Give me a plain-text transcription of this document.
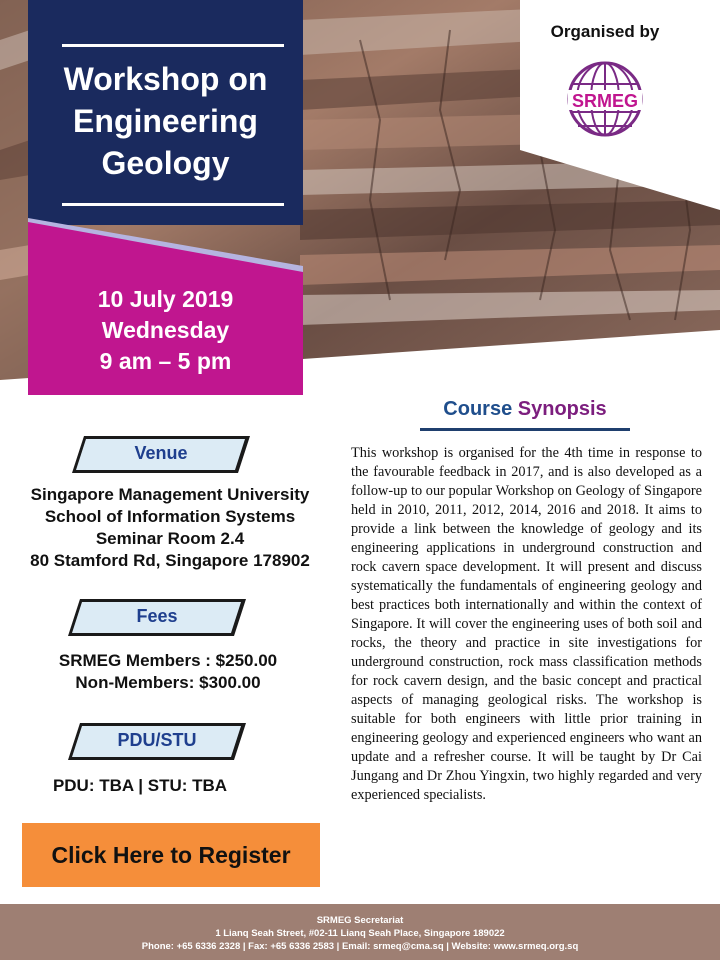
Workshop on
Engineering
Geology
10 July 2019
Wednesday
9 am – 5 pm
Organised by
SRMEG
Venue
Singapore Management University
School of Information Systems
Seminar Room 2.4
80 Stamford Rd, Singapore 178902
Fees
SRMEG Members : $250.00
Non-Members: $300.00
PDU/STU
PDU: TBA | STU: TBA
Click Here to Register
Course Synopsis
This workshop is organised for the 4th time in response to the favourable feedback in 2017, and is also developed as a follow-up to our popular Workshop on Geology of Singapore held in 2010, 2011, 2012, 2014, 2016 and 2018. It aims to provide a link between the knowledge of geology and its engineering applications in underground construction and rock cavern space development. It will present and discuss systematically the fundamentals of engineering geology and best practices both internationally and within the context of Singapore. It will cover the engineering uses of both soil and rocks, the theory and practice in site investigations for underground construction, rock mass classification methods for rock cavern design, and the basic concept and practical aspects of managing geological risks. The workshop is suitable for both engineers with little prior training in engineering geology and experienced engineers who want an update and a refresher course. It will be taught by Dr Cai Jungang and Dr Zhou Yingxin, two highly regarded and very experienced specialists.
SRMEG Secretariat
1 Lianq Seah Street, #02-11 Lianq Seah Place, Singapore 189022
Phone: +65 6336 2328 | Fax: +65 6336 2583 | Email: srmeq@cma.sq | Website: www.srmeq.org.sq
